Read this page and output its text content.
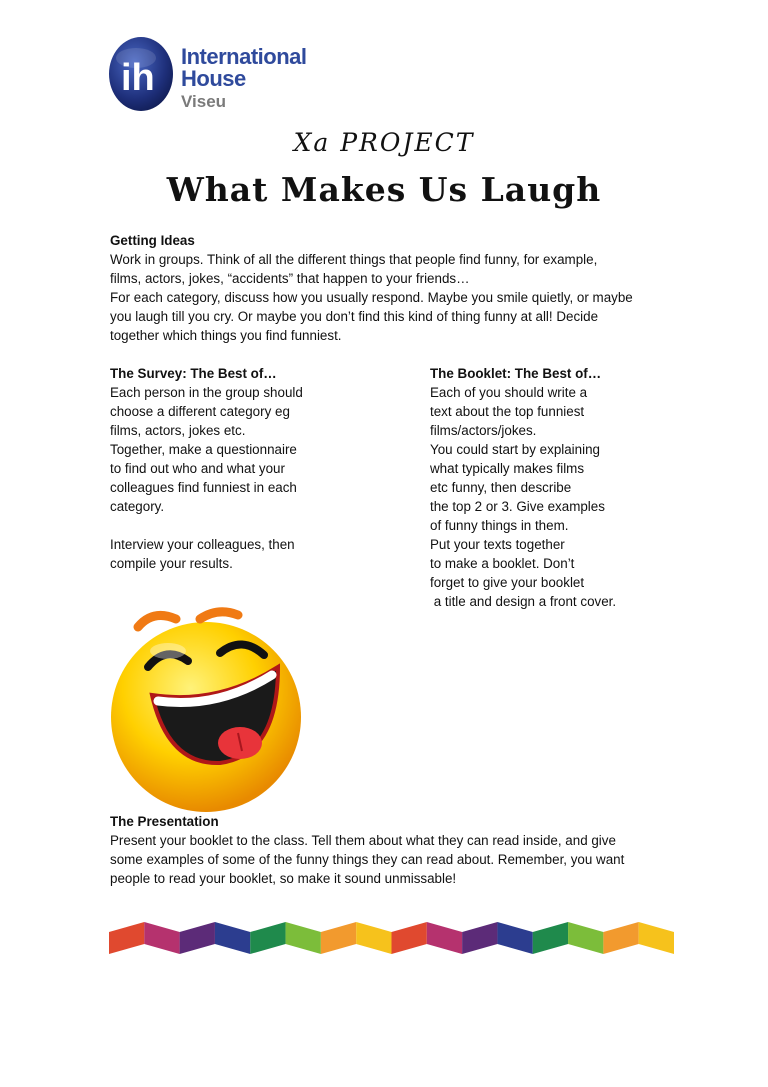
ih
International
House
Viseu
Xa PROJECT
What Makes Us Laugh
Getting Ideas
Work in groups. Think of all the different things that people find funny, for example,
films, actors, jokes, “accidents” that happen to your friends…
For each category, discuss how you usually respond. Maybe you smile quietly, or maybe
you laugh till you cry. Or maybe you don’t find this kind of thing funny at all! Decide
together which things you find funniest.
The Survey: The Best of…
Each person in the group should
choose a different category eg
films, actors, jokes etc.
Together, make a questionnaire
to find out who and what your
colleagues find funniest in each
category.
Interview your colleagues, then
compile your results.
The Booklet: The Best of…
Each of you should write a
text about the top funniest
films/actors/jokes.
You could start by explaining
what typically makes films
etc funny, then describe
the top 2 or 3. Give examples
of funny things in them.
Put your texts together
to make a booklet. Don’t
forget to give your booklet
a title and design a front cover.
The Presentation
Present your booklet to the class. Tell them about what they can read inside, and give
some examples of some of the funny things they can read about. Remember, you want
people to read your booklet, so make it sound unmissable!
